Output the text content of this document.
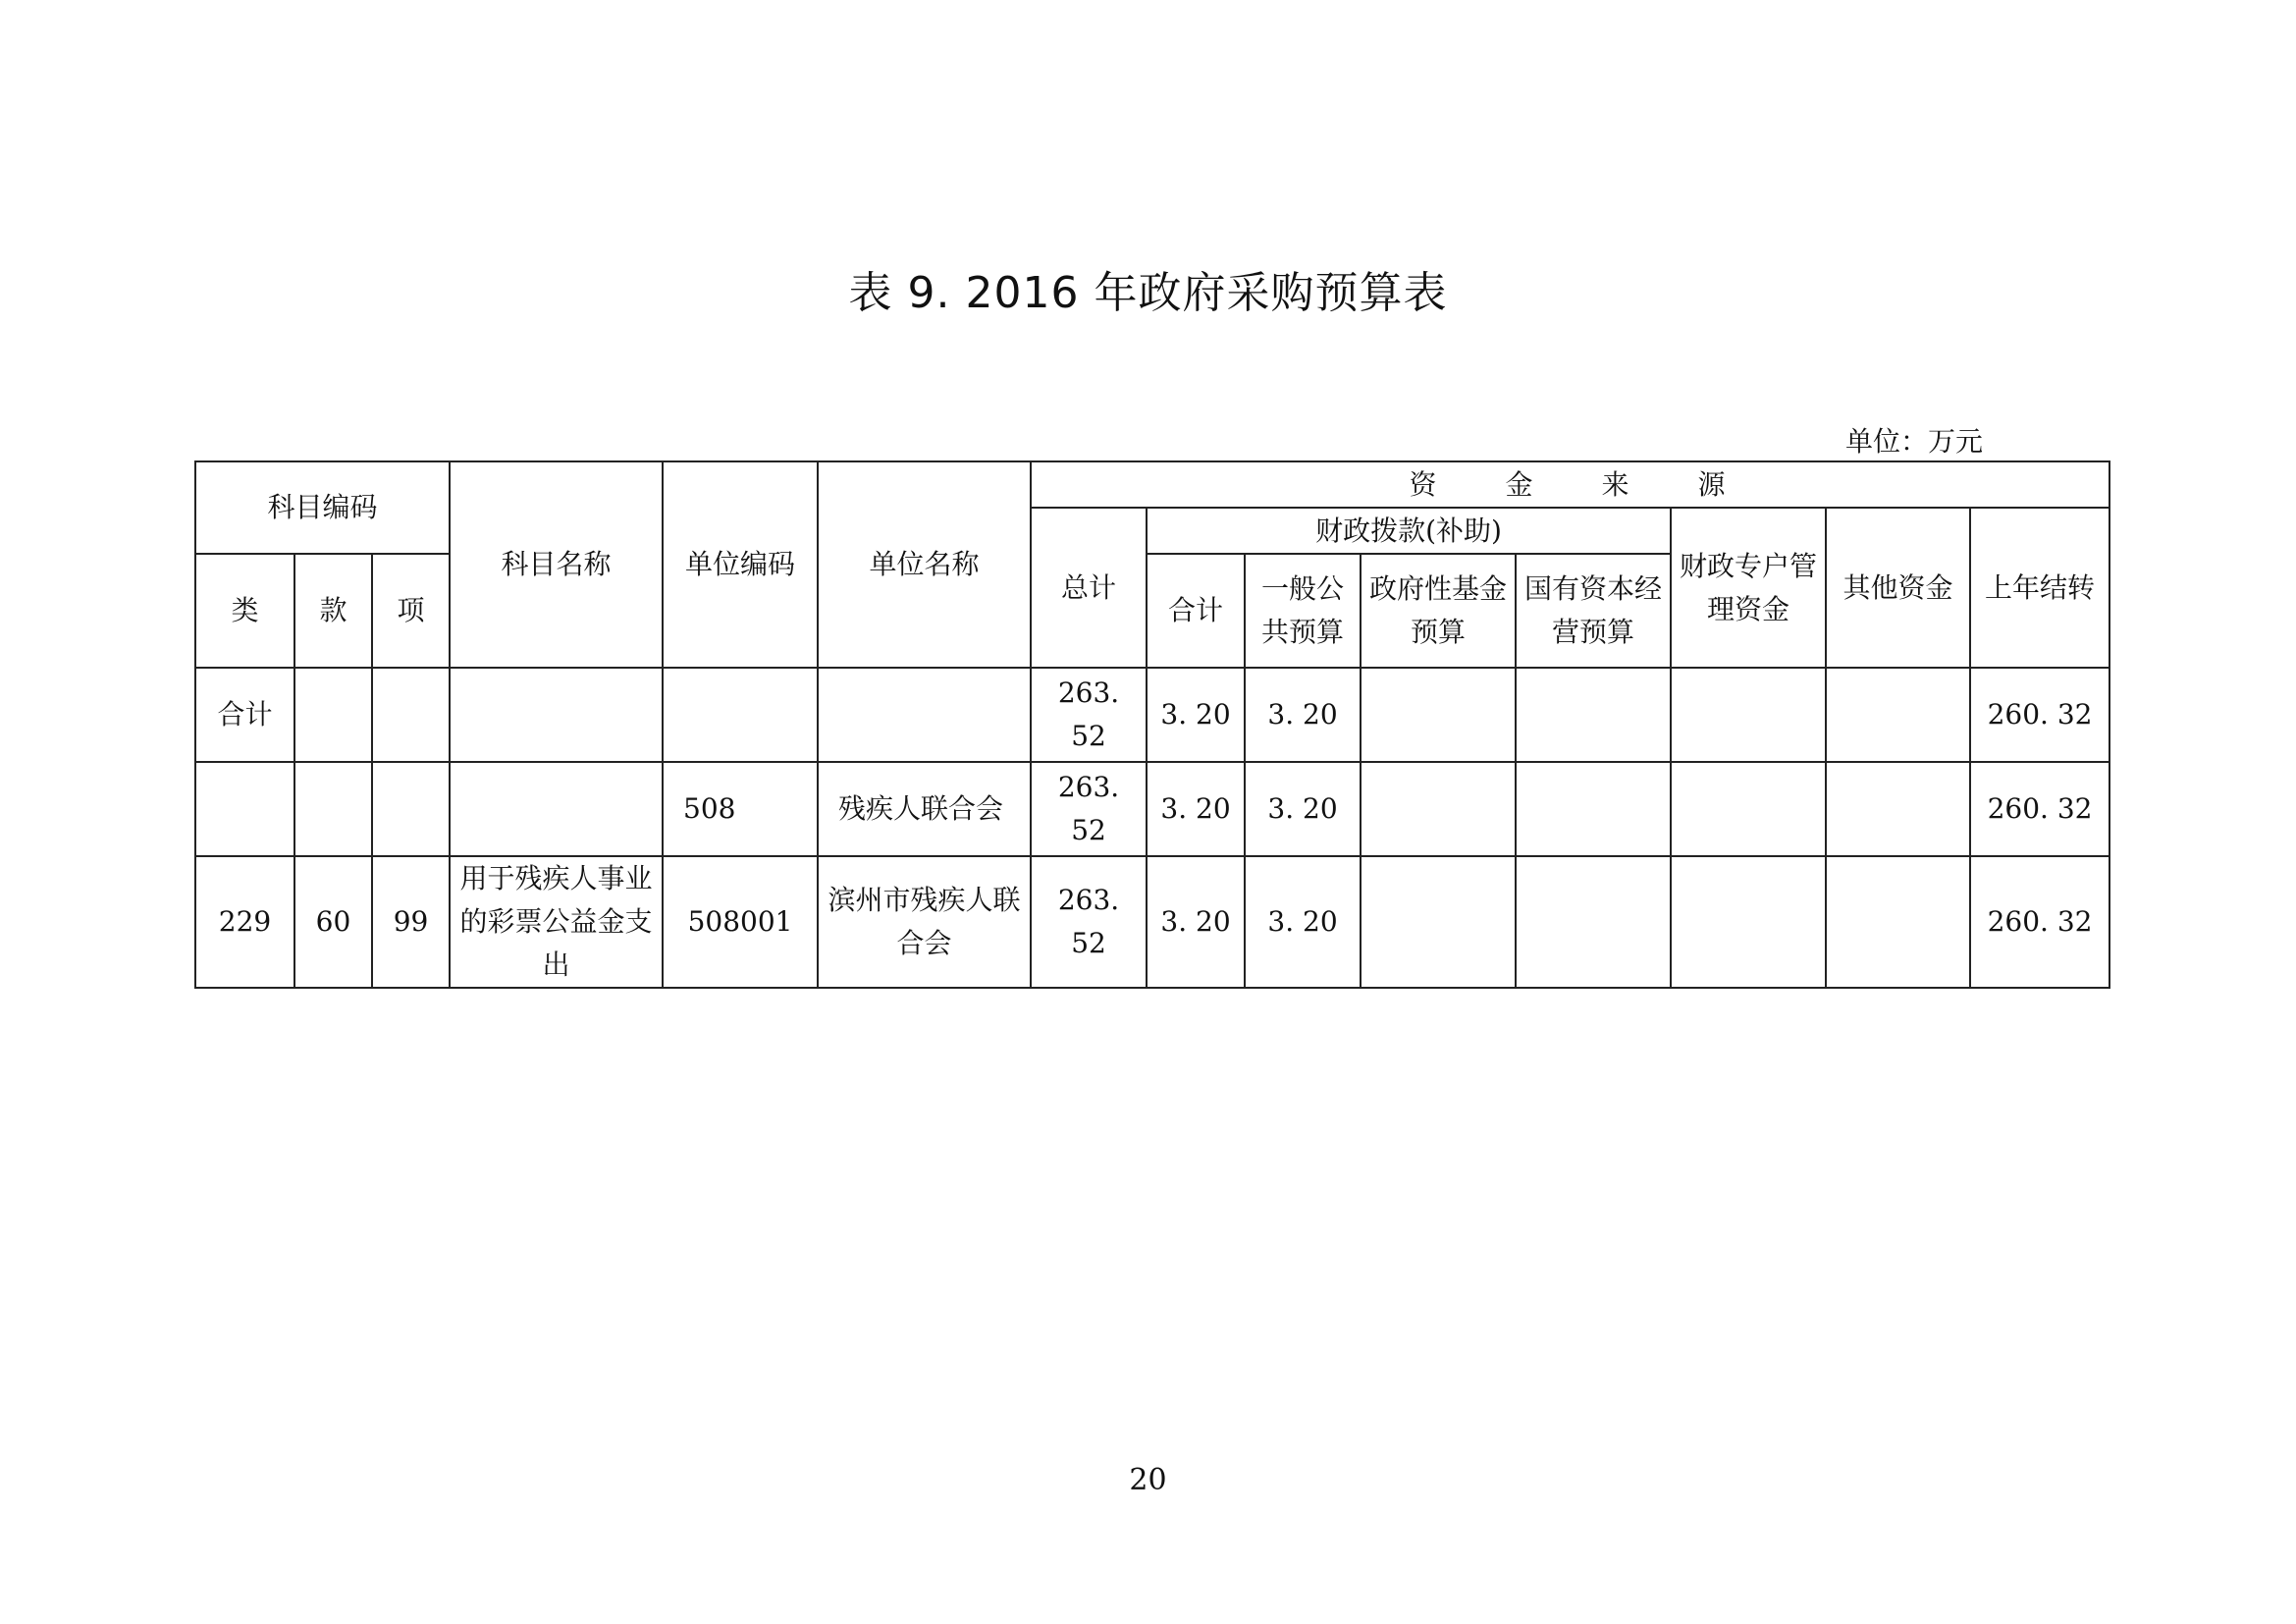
表 9. 2016 年政府采购预算表
单位：万元
科目编码			科目名称	单位编码	单位名称	资金来源							
						总计	财政拨款(补助)				财政专户管理资金	其他资金	上年结转
类	款	项					合计	一般公共预算	政府性基金预算	国有资本经营预算			
合计						263. 52	3. 20	3. 20					260. 32
				508	残疾人联合会	263. 52	3. 20	3. 20					260. 32
229	60	99	用于残疾人事业的彩票公益金支出	508001	滨州市残疾人联合会	263. 52	3. 20	3. 20					260. 32
20
